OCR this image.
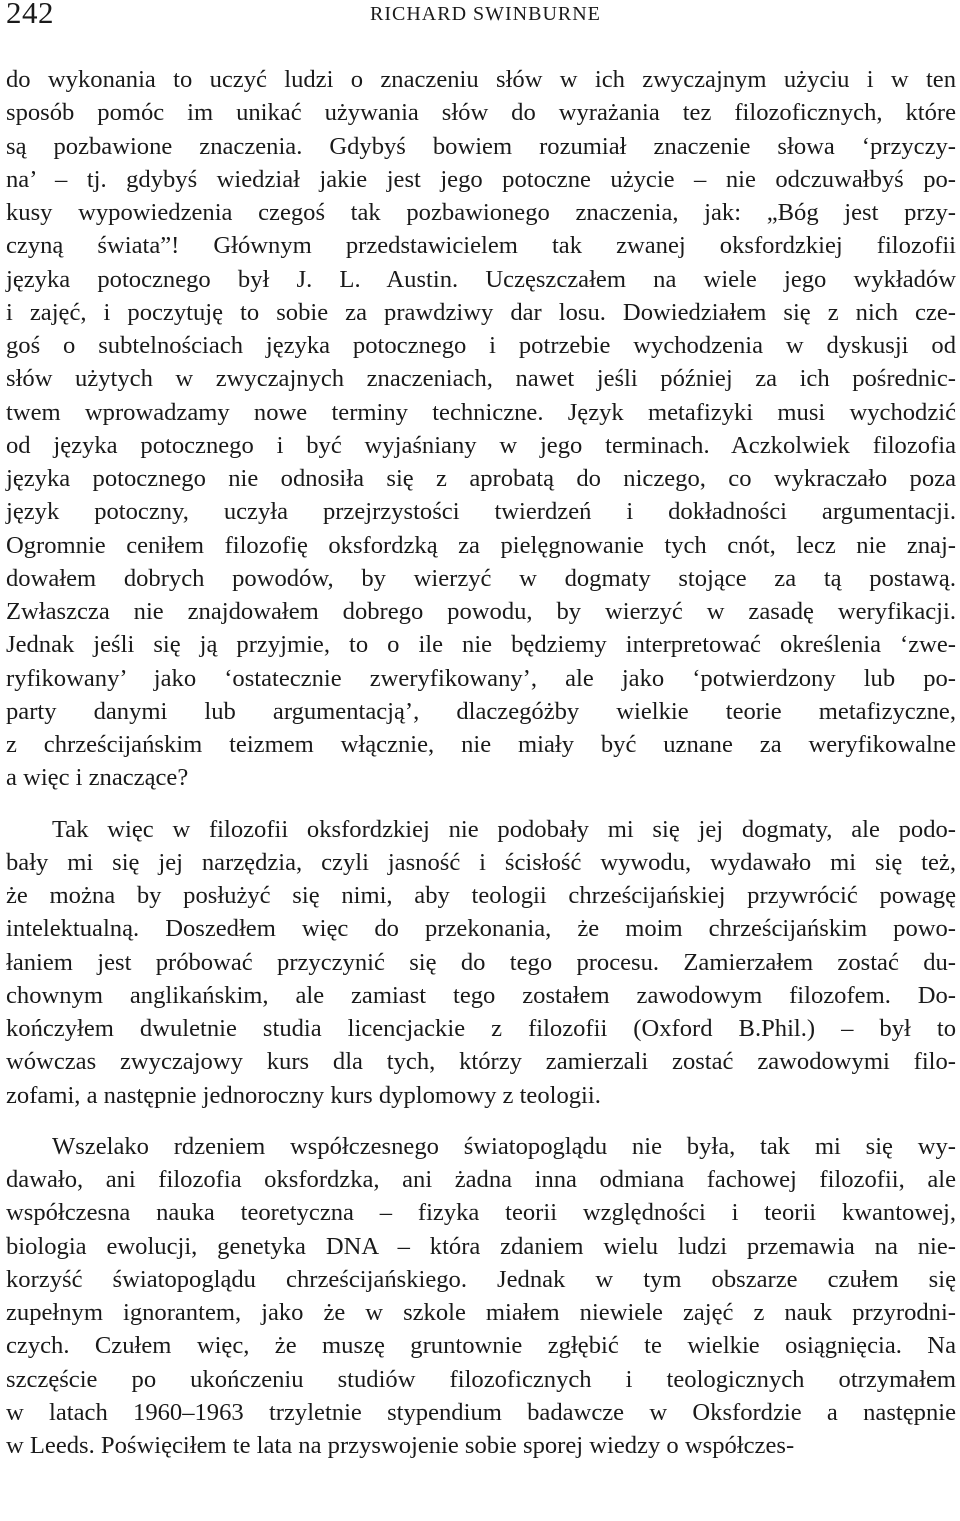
242	RICHARD SWINBURNE
do wykonania to uczyć ludzi o znaczeniu słów w ich zwyczajnym użyciu i w ten
sposób pomóc im unikać używania słów do wyrażania tez filozoficznych, które
są pozbawione znaczenia. Gdybyś bowiem rozumiał znaczenie słowa ‘przyczy-
na’ – tj. gdybyś wiedział jakie jest jego potoczne użycie – nie odczuwałbyś po-
kusy wypowiedzenia czegoś tak pozbawionego znaczenia, jak: „Bóg jest przy-
czyną świata”! Głównym przedstawicielem tak zwanej oksfordzkiej filozofii
języka potocznego był J. L. Austin. Uczęszczałem na wiele jego wykładów
i zajęć, i poczytuję to sobie za prawdziwy dar losu. Dowiedziałem się z nich cze-
goś o subtelnościach języka potocznego i potrzebie wychodzenia w dyskusji od
słów użytych w zwyczajnych znaczeniach, nawet jeśli później za ich pośrednic-
twem wprowadzamy nowe terminy techniczne. Język metafizyki musi wychodzić
od języka potocznego i być wyjaśniany w jego terminach. Aczkolwiek filozofia
języka potocznego nie odnosiła się z aprobatą do niczego, co wykraczało poza
język potoczny, uczyła przejrzystości twierdzeń i dokładności argumentacji.
Ogromnie ceniłem filozofię oksfordzką za pielęgnowanie tych cnót, lecz nie znaj-
dowałem dobrych powodów, by wierzyć w dogmaty stojące za tą postawą.
Zwłaszcza nie znajdowałem dobrego powodu, by wierzyć w zasadę weryfikacji.
Jednak jeśli się ją przyjmie, to o ile nie będziemy interpretować określenia ‘zwe-
ryfikowany’ jako ‘ostatecznie zweryfikowany’, ale jako ‘potwierdzony lub po-
party danymi lub argumentacją’, dlaczegóżby wielkie teorie metafizyczne,
z chrześcijańskim teizmem włącznie, nie miały być uznane za weryfikowalne
a więc i znaczące?
Tak więc w filozofii oksfordzkiej nie podobały mi się jej dogmaty, ale podo-
bały mi się jej narzędzia, czyli jasność i ścisłość wywodu, wydawało mi się też,
że można by posłużyć się nimi, aby teologii chrześcijańskiej przywrócić powagę
intelektualną. Doszedłem więc do przekonania, że moim chrześcijańskim powo-
łaniem jest próbować przyczynić się do tego procesu. Zamierzałem zostać du-
chownym anglikańskim, ale zamiast tego zostałem zawodowym filozofem. Do-
kończyłem dwuletnie studia licencjackie z filozofii (Oxford B.Phil.) – był to
wówczas zwyczajowy kurs dla tych, którzy zamierzali zostać zawodowymi filo-
zofami, a następnie jednoroczny kurs dyplomowy z teologii.
Wszelako rdzeniem współczesnego światopoglądu nie była, tak mi się wy-
dawało, ani filozofia oksfordzka, ani żadna inna odmiana fachowej filozofii, ale
współczesna nauka teoretyczna – fizyka teorii względności i teorii kwantowej,
biologia ewolucji, genetyka DNA – która zdaniem wielu ludzi przemawia na nie-
korzyść światopoglądu chrześcijańskiego. Jednak w tym obszarze czułem się
zupełnym ignorantem, jako że w szkole miałem niewiele zajęć z nauk przyrodni-
czych. Czułem więc, że muszę gruntownie zgłębić te wielkie osiągnięcia. Na
szczęście po ukończeniu studiów filozoficznych i teologicznych otrzymałem
w latach 1960–1963 trzyletnie stypendium badawcze w Oksfordzie a następnie
w Leeds. Poświęciłem te lata na przyswojenie sobie sporej wiedzy o współczes-
